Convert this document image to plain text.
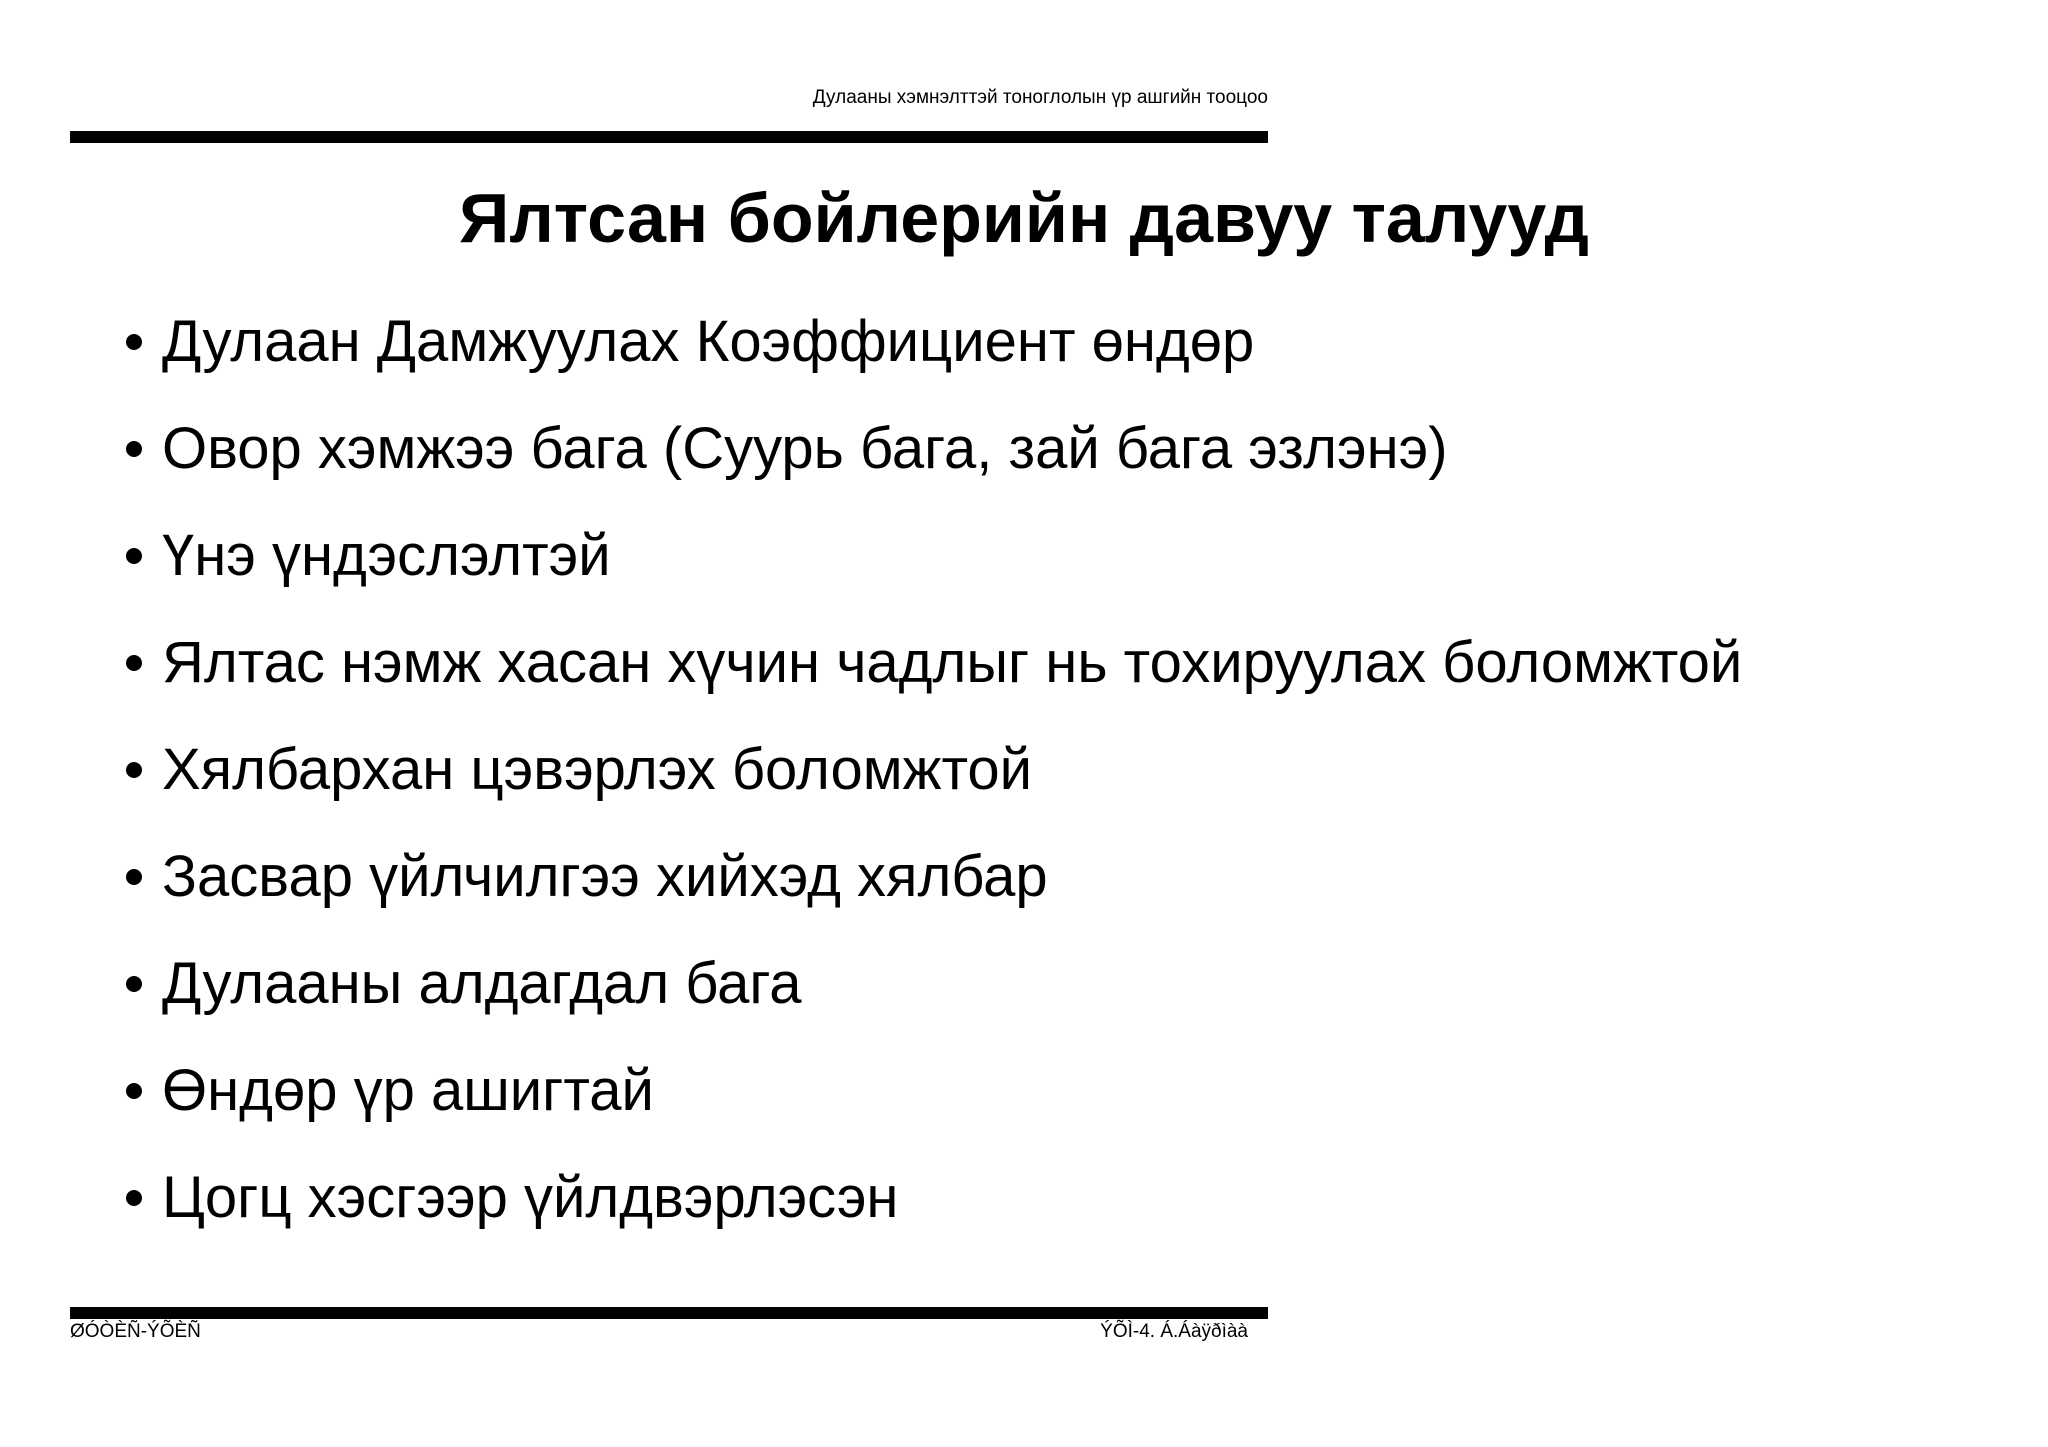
Дулааны хэмнэлттэй тоноглолын үр ашгийн тооцоо
Ялтсан бойлерийн давуу талууд
Дулаан Дамжуулах Коэффициент өндөр
Овор хэмжээ бага (Суурь бага, зай бага эзлэнэ)
Үнэ үндэслэлтэй
Ялтас нэмж хасан хүчин чадлыг нь тохируулах боломжтой
Хялбархан цэвэрлэх боломжтой
Засвар үйлчилгээ хийхэд хялбар
Дулааны алдагдал бага
Өндөр үр ашигтай
Цогц хэсгээр үйлдвэрлэсэн
ØÓÒÈÑ-ÝÕÈÑ	ÝÕÌ-4. Á.Áàÿðìàà
